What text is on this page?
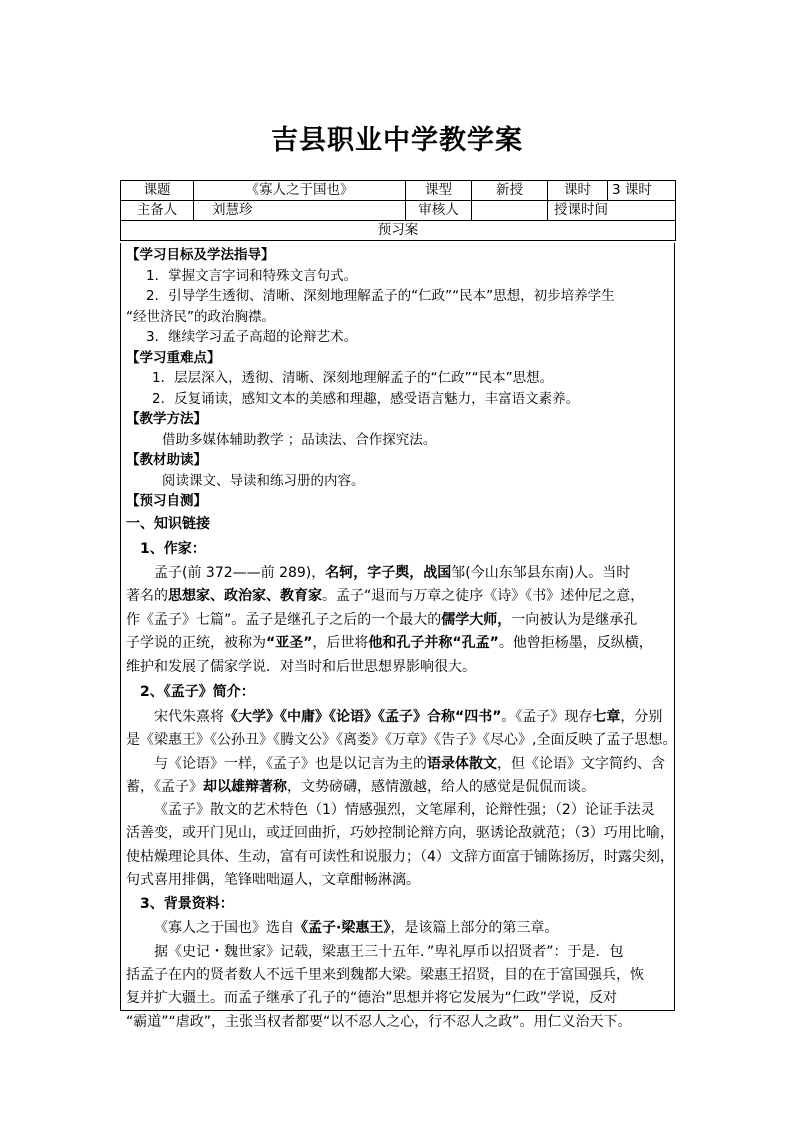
吉县职业中学教学案
课题	《寡人之于国也》	课型	新授	课时	3 课时
主备人	刘慧珍	审核人		授课时间	
预习案					
【学习目标及学法指导】
1．掌握文言字词和特殊文言句式。
2．引导学生透彻、清晰、深刻地理解孟子的“仁政”“民本”思想，初步培养学生
“经世济民”的政治胸襟。
3．继续学习孟子高超的论辩艺术。
【学习重难点】
1．层层深入，透彻、清晰、深刻地理解孟子的“仁政”“民本”思想。
2．反复诵读，感知文本的美感和理趣，感受语言魅力，丰富语文素养。
【教学方法】
借助多媒体辅助教学 ；品读法、合作探究法。
【教材助读】
阅读课文、导读和练习册的内容。
【预习自测】
一、知识链接
1、作家：
孟子(前 372——前 289)，名轲，字子舆，战国邹(今山东邹县东南)人。当时
著名的思想家、政治家、教育家。孟子“退而与万章之徒序《诗》《书》述仲尼之意，
作《孟子》七篇”。孟子是继孔子之后的一个最大的儒学大师，一向被认为是继承孔
子学说的正统，被称为“亚圣”，后世将他和孔子并称“孔孟”。他曾拒杨墨，反纵横，
维护和发展了儒家学说．对当时和后世思想界影响很大。
2、《孟子》简介：
宋代朱熹将《大学》《中庸》《论语》《孟子》合称“四书”。《孟子》现存七章，分别
是《梁惠王》《公孙丑》《腾文公》《离娄》《万章》《告子》《尽心》,全面反映了孟子思想。
与《论语》一样，《孟子》也是以记言为主的语录体散文，但《论语》文字简约、含
蓄，《孟子》却以雄辩著称，文势磅礴，感情激越，给人的感觉是侃侃而谈。
《孟子》散文的艺术特色（1）情感强烈，文笔犀利，论辩性强；（2）论证手法灵
活善变，或开门见山，或迂回曲折，巧妙控制论辩方向，驱诱论敌就范；（3）巧用比喻，
使枯燥理论具体、生动，富有可读性和说服力；（4）文辞方面富于铺陈扬厉，时露尖刻，
句式喜用排偶，笔锋咄咄逼人，文章酣畅淋漓。
3、背景资料：
《寡人之于国也》选自《孟子·梁惠王》，是该篇上部分的第三章。
据《史记・魏世家》记载，梁惠王三十五年．”卑礼厚币以招贤者”：于是．包
括孟子在内的贤者数人不远千里来到魏都大梁。梁惠王招贤，目的在于富国强兵，恢
复并扩大疆土。而孟子继承了孔子的“德治”思想并将它发展为“仁政”学说，反对
“霸道”“虐政”，主张当权者都要“以不忍人之心，行不忍人之政”。用仁义治天下。
